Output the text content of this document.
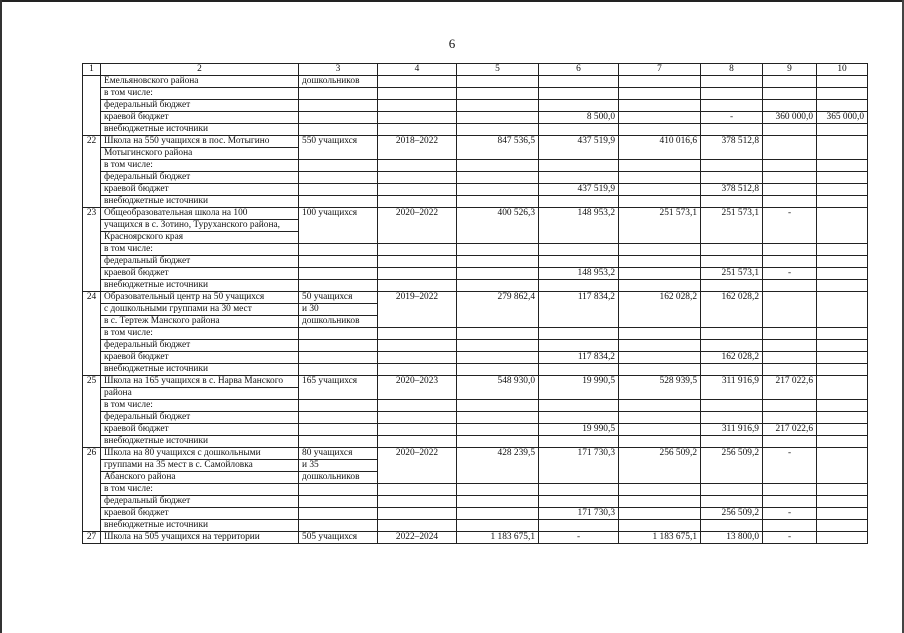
6
1	2	3	4	5	6	7	8	9	10
	Емельяновского района	дошкольников							
	в том числе:								
	федеральный бюджет								
	краевой бюджет				8 500,0		-	360 000,0	365 000,0
	внебюджетные источники								
22	Школа на 550 учащихся в пос. Мотыгино	550 учащихся	2018–2022	847 536,5	437 519,9	410 016,6	378 512,8		
	Мотыгинского района								
	в том числе:								
	федеральный бюджет								
	краевой бюджет				437 519,9		378 512,8		
	внебюджетные источники								
23	Общеобразовательная школа на 100	100 учащихся	2020–2022	400 526,3	148 953,2	251 573,1	251 573,1	-	
	учащихся в с. Зотино, Туруханского района,								
	Красноярского края								
	в том числе:								
	федеральный бюджет								
	краевой бюджет				148 953,2		251 573,1	-	
	внебюджетные источники								
24	Образовательный центр на 50 учащихся	50 учащихся	2019–2022	279 862,4	117 834,2	162 028,2	162 028,2		
	с дошкольными группами на 30 мест	и 30							
	в с. Тертеж Манского района	дошкольников							
	в том числе:								
	федеральный бюджет								
	краевой бюджет				117 834,2		162 028,2		
	внебюджетные источники								
25	Школа на 165 учащихся в с. Нарва Манского	165 учащихся	2020–2023	548 930,0	19 990,5	528 939,5	311 916,9	217 022,6	
	района								
	в том числе:								
	федеральный бюджет								
	краевой бюджет				19 990,5		311 916,9	217 022,6	
	внебюджетные источники								
26	Школа на 80 учащихся с дошкольными	80 учащихся	2020–2022	428 239,5	171 730,3	256 509,2	256 509,2	-	
	группами на 35 мест в с. Самойловка	и 35							
	Абанского района	дошкольников							
	в том числе:								
	федеральный бюджет								
	краевой бюджет				171 730,3		256 509,2	-	
	внебюджетные источники								
27	Школа на 505 учащихся на территории	505 учащихся	2022–2024	1 183 675,1	-	1 183 675,1	13 800,0	-	
